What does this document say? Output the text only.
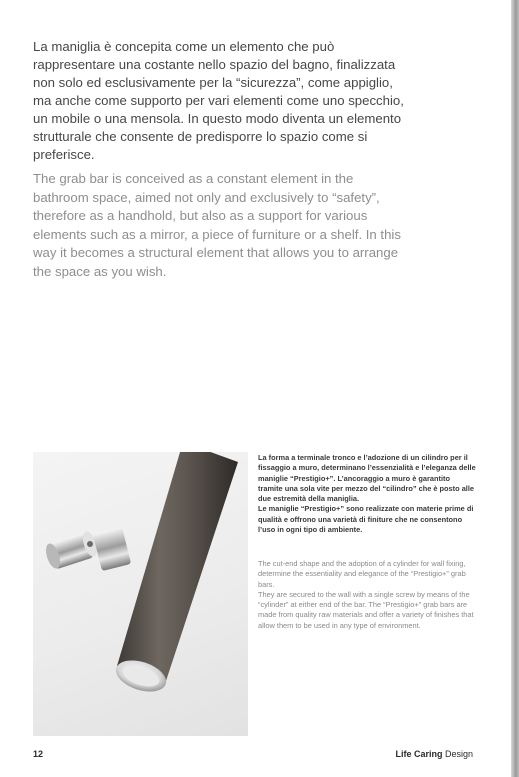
La maniglia è concepita come un elemento che può rappresentare una costante nello spazio del bagno, finalizzata non solo ed esclusivamente per la “sicurezza”, come appiglio, ma anche come supporto per vari elementi come uno specchio, un mobile o una mensola. In questo modo diventa un elemento strutturale che consente de predisporre lo spazio come si preferisce.

The grab bar is conceived as a constant element in the bathroom space, aimed not only and exclusively to “safety”, therefore as a handhold, but also as a support for various elements such as a mirror, a piece of furniture or a shelf. In this way it becomes a structural element that allows you to arrange the space as you wish.

La forma a terminale tronco e l’adozione di un cilindro per il fissaggio a muro, determinano l’essenzialità e l’eleganza delle maniglie “Prestigio+”. L’ancoraggio a muro è garantito tramite una sola vite per mezzo del “cilindro” che è posto alle due estremità della maniglia.
Le maniglie “Prestigio+” sono realizzate con materie prime di qualità e offrono una varietà di finiture che ne consentono l’uso in ogni tipo di ambiente.

The cut-end shape and the adoption of a cylinder for wall fixing, determine the essentiality and elegance of the “Prestigio+” grab bars.
They are secured to the wall with a single screw by means of the “cylinder” at either end of the bar. The “Prestigio+” grab bars are made from quality raw materials and offer a variety of finishes that allow them to be used in any type of environment.

12	Life Caring Design
